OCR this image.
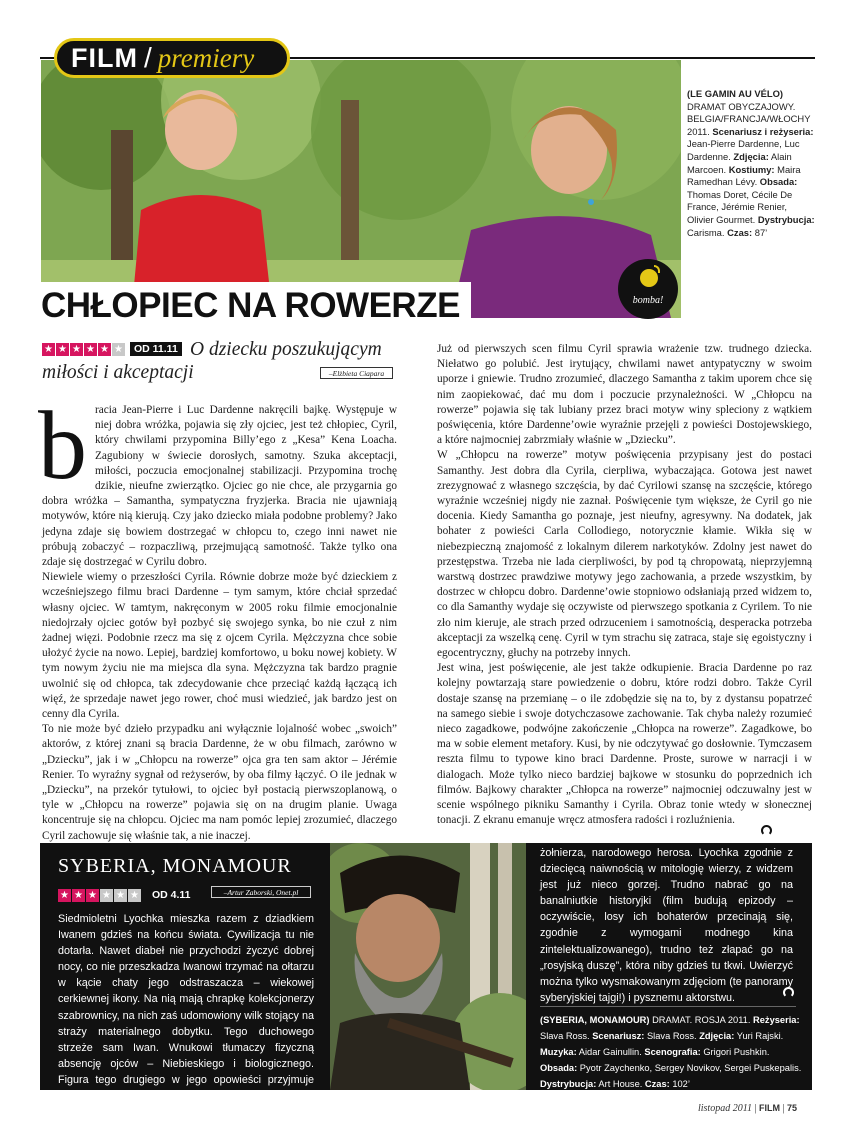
FILM / premiery
CHŁOPIEC NA ROWERZE	bomba!
(LE GAMIN AU VÉLO)
DRAMAT OBYCZAJOWY. BELGIA/FRANCJA/WŁOCHY 2011. Scenariusz i reżyseria: Jean-Pierre Dardenne, Luc Dardenne. Zdjęcia: Alain Marcoen. Kostiumy: Maira Ramedhan Lévy. Obsada: Thomas Doret, Cécile De France, Jérémie Renier, Olivier Gourmet. Dystrybucja: Carisma. Czas: 87’
★ ★ ★ ★ ★ ★	OD 11.11 O dziecku poszukującym
miłości i akceptacji	–Elżbieta Ciapara
b racia Jean-Pierre i Luc Dardenne nakręcili bajkę. Występuje w niej dobra wróżka, pojawia się zły ojciec, jest też chłopiec, Cyril, który chwilami przypomina Billy’ego z „Kesa” Kena Loacha. Zagubiony w świecie dorosłych, samotny. Szuka akceptacji, miłości, poczucia emocjonalnej stabilizacji. Przypomina trochę dzikie, nieufne zwierzątko. Ojciec go nie chce, ale przygarnia go dobra wróżka – Samantha, sympatyczna fryzjerka. Bracia nie ujawniają motywów, które nią kierują. Czy jako dziecko miała podobne problemy? Jako jedyna zdaje się bowiem dostrzegać w chłopcu to, czego inni nawet nie próbują zobaczyć – rozpaczliwą, przejmującą samotność. Także tylko ona zdaje się dostrzegać w Cyrilu dobro.

Niewiele wiemy o przeszłości Cyrila. Równie dobrze może być dzieckiem z wcześniejszego filmu braci Dardenne – tym samym, które chciał sprzedać własny ojciec. W tamtym, nakręconym w 2005 roku filmie emocjonalnie niedojrzały ojciec gotów był pozbyć się swojego synka, bo nie czuł z nim żadnej więzi. Podobnie rzecz ma się z ojcem Cyrila. Mężczyzna chce sobie ułożyć życie na nowo. Lepiej, bardziej komfortowo, u boku nowej kobiety. W tym nowym życiu nie ma miejsca dla syna. Mężczyzna tak bardzo pragnie uwolnić się od chłopca, tak zdecydowanie chce przeciąć każdą łączącą ich więź, że sprzedaje nawet jego rower, choć musi wiedzieć, jak bardzo jest on cenny dla Cyrila.

To nie może być dzieło przypadku ani wyłącznie lojalność wobec „swoich” aktorów, z której znani są bracia Dardenne, że w obu filmach, zarówno w „Dziecku”, jak i w „Chłopcu na rowerze” ojca gra ten sam aktor – Jérémie Renier. To wyraźny sygnał od reżyserów, by oba filmy łączyć. O ile jednak w „Dziecku”, na przekór tytułowi, to ojciec był postacią pierwszoplanową, o tyle w „Chłopcu na rowerze” pojawia się on na drugim planie. Uwaga koncentruje się na chłopcu. Ojciec ma nam pomóc lepiej zrozumieć, dlaczego Cyril zachowuje się właśnie tak, a nie inaczej.

Już od pierwszych scen filmu Cyril sprawia wrażenie tzw. trudnego dziecka. Niełatwo go polubić. Jest irytujący, chwilami nawet antypatyczny w swoim uporze i gniewie. Trudno zrozumieć, dlaczego Samantha z takim uporem chce się nim zaopiekować, dać mu dom i poczucie przynależności. W „Chłopcu na rowerze” pojawia się tak lubiany przez braci motyw winy spleciony z wątkiem poświęcenia, które Dardenne’owie wyraźnie przejęli z powieści Dostojewskiego, a które najmocniej zabrzmiały właśnie w „Dziecku”.

W „Chłopcu na rowerze” motyw poświęcenia przypisany jest do postaci Samanthy. Jest dobra dla Cyrila, cierpliwa, wybaczająca. Gotowa jest nawet zrezygnować z własnego szczęścia, by dać Cyrilowi szansę na szczęście, którego wyraźnie wcześniej nigdy nie zaznał. Poświęcenie tym większe, że Cyril go nie docenia. Kiedy Samantha go poznaje, jest nieufny, agresywny. Na dodatek, jak bohater z powieści Carla Collodiego, notorycznie kłamie. Wikła się w niebezpieczną znajomość z lokalnym dilerem narkotyków. Zdolny jest nawet do przestępstwa. Trzeba nie lada cierpliwości, by pod tą chropowatą, nieprzyjemną warstwą dostrzec prawdziwe motywy jego zachowania, a przede wszystkim, by dostrzec w chłopcu dobro. Dardenne’owie stopniowo odsłaniają przed widzem to, co dla Samanthy wydaje się oczywiste od pierwszego spotkania z Cyrilem. To nie zło nim kieruje, ale strach przed odrzuceniem i samotnością, desperacka potrzeba akceptacji za wszelką cenę. Cyril w tym strachu się zatraca, staje się egoistyczny i egocentryczny, głuchy na potrzeby innych.

Jest wina, jest poświęcenie, ale jest także odkupienie. Bracia Dardenne po raz kolejny powtarzają stare powiedzenie o dobru, które rodzi dobro. Także Cyril dostaje szansę na przemianę – o ile zdobędzie się na to, by z dystansu popatrzeć na samego siebie i swoje dotychczasowe zachowanie. Tak chyba należy rozumieć nieco zagadkowe, podwójne zakończenie „Chłopca na rowerze”. Zagadkowe, bo ma w sobie element metafory. Kusi, by nie odczytywać go dosłownie. Tymczasem reszta filmu to typowe kino braci Dardenne. Proste, surowe w narracji i w dialogach. Może tylko nieco bardziej bajkowe w stosunku do poprzednich ich filmów. Bajkowy charakter „Chłopca na rowerze” najmocniej odczuwalny jest w scenie wspólnego pikniku Samanthy i Cyrila. Obraz tonie wtedy w słonecznej tonacji. Z ekranu emanuje wręcz atmosfera radości i rozluźnienia.

SYBERIA, MONAMOUR
★ ★ ★ ★ ★ ★ OD 4.11	–Artur Zaborski, Onet.pl
Siedmioletni Lyochka mieszka razem z dziadkiem Iwanem gdzieś na końcu świata. Cywilizacja tu nie dotarła. Nawet diabeł nie przychodzi życzyć dobrej nocy, co nie przeszkadza Iwanowi trzymać na ołtarzu w kącie chaty jego odstraszacza – wiekowej cerkiewnej ikony. Na nią mają chrapkę kolekcjonerzy szabrownicy, na nich zaś udomowiony wilk stojący na straży materialnego dobytku. Tego duchowego strzeże sam Iwan. Wnukowi tłumaczy fizyczną absencję ojców – Niebieskiego i biologicznego. Figura tego drugiego w jego opowieści przyjmuje postać
żołnierza, narodowego herosa. Lyochka zgodnie z dziecięcą naiwnością w mitologię wierzy, z widzem jest już nieco gorzej. Trudno nabrać go na banalniutkie historyjki (film budują epizody – oczywiście, losy ich bohaterów przecinają się, zgodnie z wymogami modnego kina zintelektualizowanego), trudno też złapać go na „rosyjską duszę”, która niby gdzieś tu tkwi. Uwierzyć można tylko wysmakowanym zdjęciom (te panoramy syberyjskiej tajgi!) i pysznemu aktorstwu.
(SYBERIA, MONAMOUR) DRAMAT. ROSJA 2011. Reżyseria: Slava Ross. Scenariusz: Slava Ross. Zdjęcia: Yuri Rajski. Muzyka: Aidar Gainullin. Scenografia: Grigori Pushkin. Obsada: Pyotr Zaychenko, Sergey Novikov, Sergei Puskepalis. Dystrybucja: Art House. Czas: 102’
listopad 2011 | FILM | 75
